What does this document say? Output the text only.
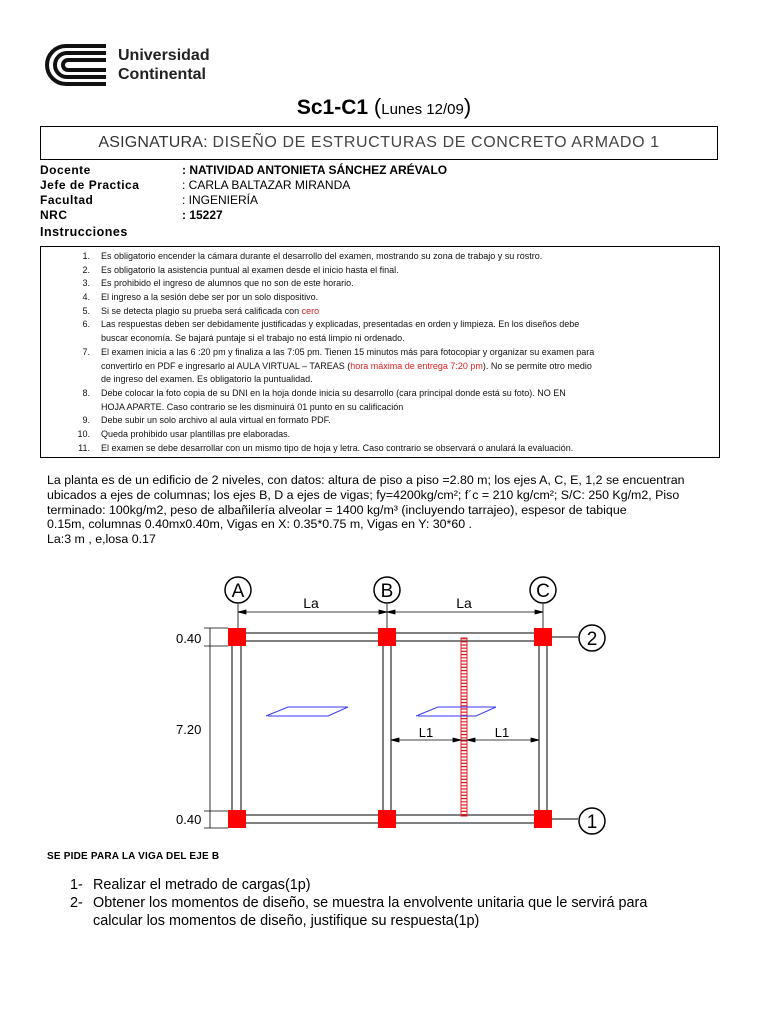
Universidad
Continental
Sc1-C1 (Lunes 12/09)
ASIGNATURA: DISEÑO DE ESTRUCTURAS DE CONCRETO ARMADO 1
Docente	: NATIVIDAD ANTONIETA SÁNCHEZ ARÉVALO
Jefe de Practica	: CARLA BALTAZAR MIRANDA
Facultad	: INGENIERÍA
NRC	: 15227
Instrucciones
1. Es obligatorio encender la cámara durante el desarrollo del examen, mostrando su zona de trabajo y su rostro.
2. Es obligatorio la asistencia puntual al examen desde el inicio hasta el final.
3. Es prohibido el ingreso de alumnos que no son de este horario.
4. El ingreso a la sesión debe ser por un solo dispositivo.
5. Si se detecta plagio su prueba será calificada con cero
6. Las respuestas deben ser debidamente justificadas y explicadas, presentadas en orden y limpieza. En los diseños debe
buscar economía. Se bajará puntaje si el trabajo no está limpio ni ordenado.
7. El examen inicia a las 6 :20 pm y finaliza a las 7:05 pm. Tienen 15 minutos más para fotocopiar y organizar su examen para
convertirlo en PDF e ingresarlo al AULA VIRTUAL – TAREAS (hora máxima de entrega 7:20 pm). No se permite otro medio
de ingreso del examen. Es obligatorio la puntualidad.
8. Debe colocar la foto copia de su DNI en la hoja donde inicia su desarrollo (cara principal donde está su foto). NO EN
HOJA APARTE. Caso contrario se les disminuirá 01 punto en su calificación
9. Debe subir un solo archivo al aula virtual en formato PDF.
10. Queda prohibido usar plantillas pre elaboradas.
11. El examen se debe desarrollar con un mismo tipo de hoja y letra. Caso contrario se observará o anulará la evaluación.
La planta es de un edificio de 2 niveles, con datos: altura de piso a piso =2.80 m; los ejes A, C, E, 1,2 se encuentran
ubicados a ejes de columnas; los ejes B, D a ejes de vigas; fy=4200kg/cm²; f´c = 210 kg/cm²; S/C: 250 Kg/m2, Piso
terminado: 100kg/m2, peso de albañilería alveolar = 1400 kg/m³ (incluyendo tarrajeo), espesor de tabique
0.15m, columnas 0.40mx0.40m, Vigas en X: 0.35*0.75 m, Vigas en Y: 30*60 .
La:3 m , e,losa 0.17
A	B	C
La	La
0.40
7.20
0.40
2
1
L1	L1
SE PIDE PARA LA VIGA DEL EJE B
1- Realizar el metrado de cargas(1p)
2- Obtener los momentos de diseño, se muestra la envolvente unitaria que le servirá para
calcular los momentos de diseño, justifique su respuesta(1p)
